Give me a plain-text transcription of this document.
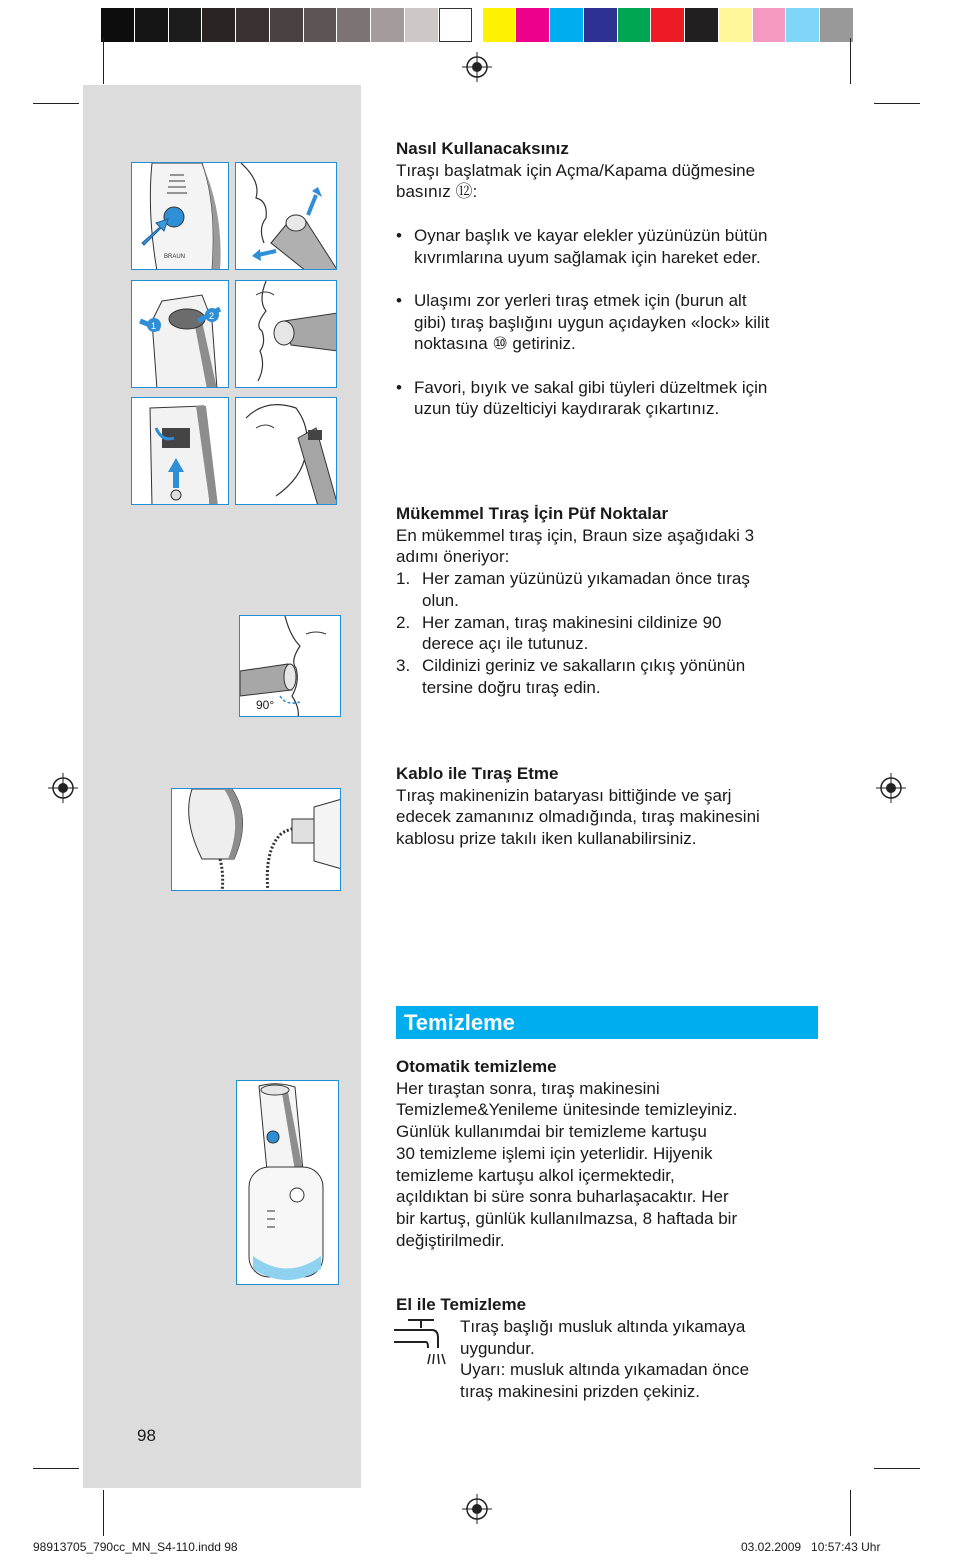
BRAUN
1
2
90°

Nasıl Kullanacaksınız

Tıraşı başlatmak için Açma/Kapama düğmesine

basınız ⑫:

• Oynar başlık ve kayar elekler yüzünüzün bütün

kıvrımlarına uyum sağlamak için hareket eder.

• Ulaşımı zor yerleri tıraş etmek için (burun alt

gibi) tıraş başlığını uygun açıdayken «lock» kilit

noktasına ⑩ getiriniz.

• Favori, bıyık ve sakal gibi tüyleri düzeltmek için

uzun tüy düzelticiyi kaydırarak çıkartınız.

Mükemmel Tıraş İçin Püf Noktalar

En mükemmel tıraş için, Braun size aşağıdaki 3

adımı öneriyor:

1. Her zaman yüzünüzü yıkamadan önce tıraş

olun.

2. Her zaman, tıraş makinesini cildinize 90

derece açı ile tutunuz.

3. Cildinizi geriniz ve sakalların çıkış yönünün

tersine doğru tıraş edin.

Kablo ile Tıraş Etme

Tıraş makinenizin bataryası bittiğinde ve şarj

edecek zamanınız olmadığında, tıraş makinesini

kablosu prize takılı iken kullanabilirsiniz.

Temizleme

Otomatik temizleme

Her tıraştan sonra, tıraş makinesini

Temizleme&Yenileme ünitesinde temizleyiniz.

Günlük kullanımdai bir temizleme kartuşu

30 temizleme işlemi için yeterlidir. Hijyenik

temizleme kartuşu alkol içermektedir,

açıldıktan bi süre sonra buharlaşacaktır. Her

bir kartuş, günlük kullanılmazsa, 8 haftada bir

değiştirilmedir.

El ile Temizleme

Tıraş başlığı musluk altında yıkamaya

uygundur.

Uyarı: musluk altında yıkamadan önce

tıraş makinesini prizden çekiniz.

98
98913705_790cc_MN_S4-110.indd 98	03.02.2009   10:57:43 Uhr
